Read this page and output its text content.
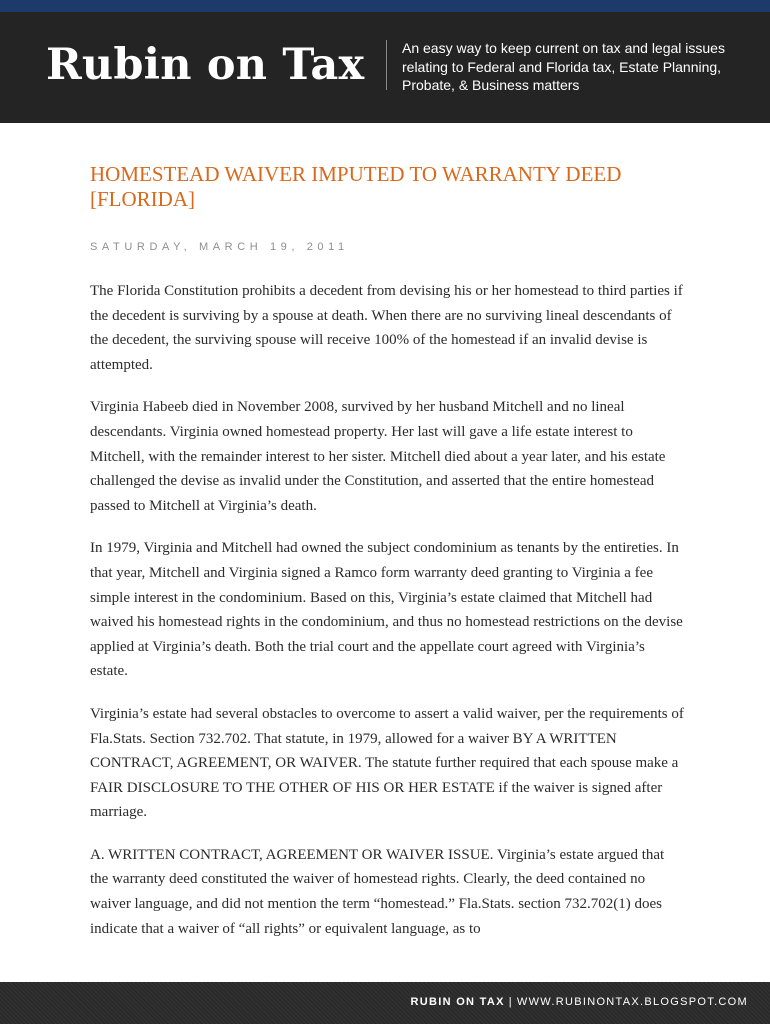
Rubin on Tax	An easy way to keep current on tax and legal issues relating to Federal and Florida tax, Estate Planning, Probate, & Business matters
HOMESTEAD WAIVER IMPUTED TO WARRANTY DEED [FLORIDA]
SATURDAY, MARCH 19, 2011

The Florida Constitution prohibits a decedent from devising his or her homestead to third parties if the decedent is surviving by a spouse at death. When there are no surviving lineal descendants of the decedent, the surviving spouse will receive 100% of the homestead if an invalid devise is attempted.

Virginia Habeeb died in November 2008, survived by her husband Mitchell and no lineal descendants. Virginia owned homestead property. Her last will gave a life estate interest to Mitchell, with the remainder interest to her sister. Mitchell died about a year later, and his estate challenged the devise as invalid under the Constitution, and asserted that the entire homestead passed to Mitchell at Virginia’s death.

In 1979, Virginia and Mitchell had owned the subject condominium as tenants by the entireties. In that year, Mitchell and Virginia signed a Ramco form warranty deed granting to Virginia a fee simple interest in the condominium. Based on this, Virginia’s estate claimed that Mitchell had waived his homestead rights in the condominium, and thus no homestead restrictions on the devise applied at Virginia’s death. Both the trial court and the appellate court agreed with Virginia’s estate.

Virginia’s estate had several obstacles to overcome to assert a valid waiver, per the requirements of Fla.Stats. Section 732.702. That statute, in 1979, allowed for a waiver BY A WRITTEN CONTRACT, AGREEMENT, OR WAIVER. The statute further required that each spouse make a FAIR DISCLOSURE TO THE OTHER OF HIS OR HER ESTATE if the waiver is signed after marriage.

A. WRITTEN CONTRACT, AGREEMENT OR WAIVER ISSUE. Virginia’s estate argued that the warranty deed constituted the waiver of homestead rights. Clearly, the deed contained no waiver language, and did not mention the term “homestead.” Fla.Stats. section 732.702(1) does indicate that a waiver of “all rights” or equivalent language, as to

RUBIN ON TAX | WWW.RUBINONTAX.BLOGSPOT.COM
